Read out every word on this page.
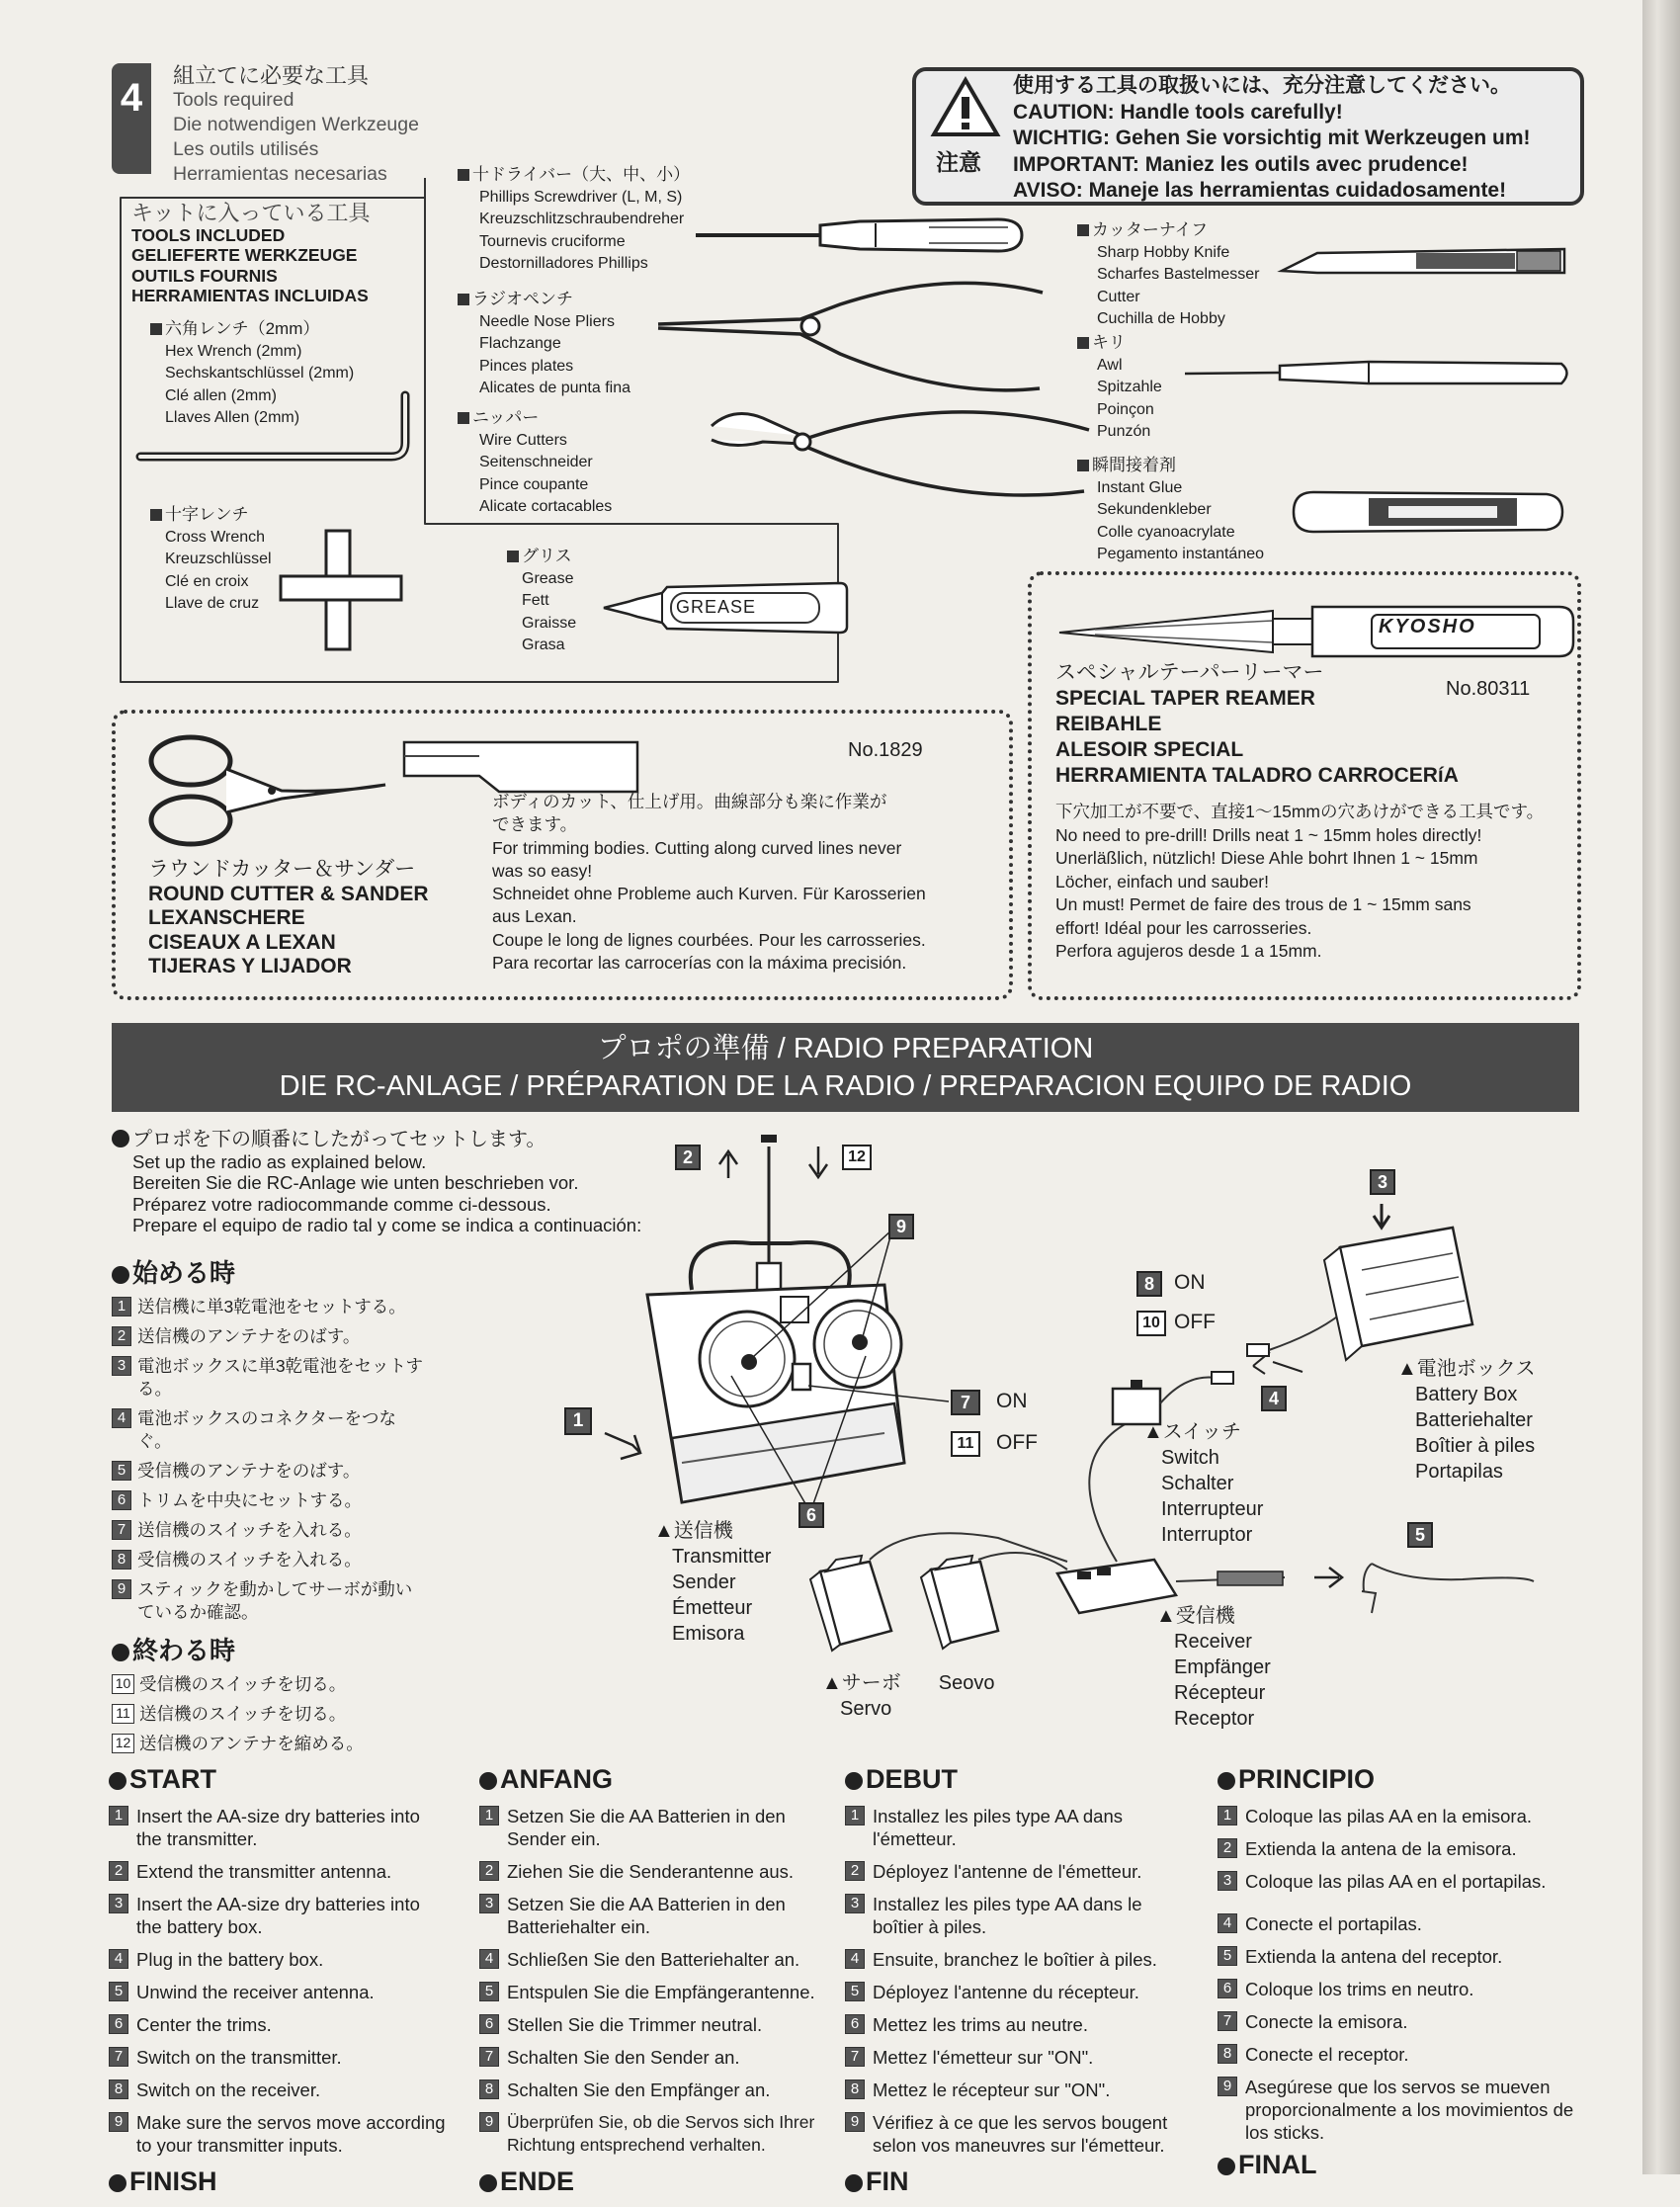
4
組立てに必要な工具
Tools required
Die notwendigen Werkzeuge
Les outils utilisés
Herramientas necesarias	注意
使用する工具の取扱いには、充分注意してください。
CAUTION: Handle tools carefully!
WICHTIG: Gehen Sie vorsichtig mit Werkzeugen um!
IMPORTANT: Maniez les outils avec prudence!
AVISO: Maneje las herramientas cuidadosamente!
キットに入っている工具
TOOLS INCLUDED
GELIEFERTE WERKZEUGE
OUTILS FOURNIS
HERRAMIENTAS INCLUIDAS
六角レンチ（2mm）
Hex Wrench (2mm)
Sechskantschlüssel (2mm)
Clé allen (2mm)
Llaves Allen (2mm)
十字レンチ
Cross Wrench
Kreuzschlüssel
Clé en croix
Llave de cruz
グリス
Grease
Fett
Graisse
Grasa
GREASE
十ドライバー（大、中、小）
Phillips Screwdriver (L, M, S)
Kreuzschlitzschraubendreher
Tournevis cruciforme
Destornilladores Phillips
ラジオペンチ
Needle Nose Pliers
Flachzange
Pinces plates
Alicates de punta fina
ニッパー
Wire Cutters
Seitenschneider
Pince coupante
Alicate cortacables
カッターナイフ
Sharp Hobby Knife
Scharfes Bastelmesser
Cutter
Cuchilla de Hobby
キリ
Awl
Spitzahle
Poinçon
Punzón
瞬間接着剤
Instant Glue
Sekundenkleber
Colle cyanoacrylate
Pegamento instantáneo
No.1829
ラウンドカッター＆サンダー
ROUND CUTTER & SANDER
LEXANSCHERE
CISEAUX A LEXAN
TIJERAS Y LIJADOR
ボディのカット、仕上げ用。曲線部分も楽に作業が
できます。
For trimming bodies. Cutting along curved lines never
was so easy!
Schneidet ohne Probleme auch Kurven. Für Karosserien
aus Lexan.
Coupe le long de lignes courbées. Pour les carrosseries.
Para recortar las carrocerías con la máxima precisión.
KYOSHO
No.80311
スペシャルテーパーリーマー
SPECIAL TAPER REAMER
REIBAHLE
ALESOIR SPECIAL
HERRAMIENTA TALADRO CARROCERíA
下穴加工が不要で、直接1～15mmの穴あけができる工具です。
No need to pre-drill! Drills neat 1 ~ 15mm holes directly!
Unerläßlich, nützlich! Diese Ahle bohrt Ihnen 1 ~ 15mm
Löcher, einfach und sauber!
Un must! Permet de faire des trous de 1 ~ 15mm sans
effort! Idéal pour les carrosseries.
Perfora agujeros desde 1 a 15mm.
プロポの準備 / RADIO PREPARATION
DIE RC-ANLAGE / PRÉPARATION DE LA RADIO / PREPARACION EQUIPO DE RADIO
プロポを下の順番にしたがってセットします。
Set up the radio as explained below.
Bereiten Sie die RC-Anlage wie unten beschrieben vor.
Préparez votre radiocommande comme ci-dessous.
Prepare el equipo de radio tal y come se indica a continuación:
始める時
1 送信機に単3乾電池をセットする。
2 送信機のアンテナをのばす。
3 電池ボックスに単3乾電池をセットする。
4 電池ボックスのコネクターをつなぐ。
5 受信機のアンテナをのばす。
6 トリムを中央にセットする。
7 送信機のスイッチを入れる。
8 受信機のスイッチを入れる。
9 スティックを動かしてサーボが動いているか確認。
終わる時
10 受信機のスイッチを切る。
11 送信機のスイッチを切る。
12 送信機のアンテナを縮める。
2	12
9
1
6
7	ON
11	OFF
8 ON
10 OFF
3
4
5
▲送信機
Transmitter
Sender
Émetteur
Emisora
▲サーボ Seovo
Servo
▲スイッチ
Switch
Schalter
Interrupteur
Interruptor
▲電池ボックス
Battery Box
Batteriehalter
Boîtier à piles
Portapilas
▲受信機
Receiver
Empfänger
Récepteur
Receptor
START
1 Insert the AA-size dry batteries into the transmitter.
2 Extend the transmitter antenna.
3 Insert the AA-size dry batteries into the battery box.
4 Plug in the battery box.
5 Unwind the receiver antenna.
6 Center the trims.
7 Switch on the transmitter.
8 Switch on the receiver.
9 Make sure the servos move according to your transmitter inputs.
FINISH
ANFANG
1 Setzen Sie die AA Batterien in den Sender ein.
2 Ziehen Sie die Senderantenne aus.
3 Setzen Sie die AA Batterien in den Batteriehalter ein.
4 Schließen Sie den Batteriehalter an.
5 Entspulen Sie die Empfängerantenne.
6 Stellen Sie die Trimmer neutral.
7 Schalten Sie den Sender an.
8 Schalten Sie den Empfänger an.
9 Überprüfen Sie, ob die Servos sich Ihrer Richtung entsprechend verhalten.
ENDE
DEBUT
1 Installez les piles type AA dans l'émetteur.
2 Déployez l'antenne de l'émetteur.
3 Installez les piles type AA dans le boîtier à piles.
4 Ensuite, branchez le boîtier à piles.
5 Déployez l'antenne du récepteur.
6 Mettez les trims au neutre.
7 Mettez l'émetteur sur "ON".
8 Mettez le récepteur sur "ON".
9 Vérifiez à ce que les servos bougent selon vos maneuvres sur l'émetteur.
FIN
PRINCIPIO
1 Coloque las pilas AA en la emisora.
2 Extienda la antena de la emisora.
3 Coloque las pilas AA en el portapilas.
4 Conecte el portapilas.
5 Extienda la antena del receptor.
6 Coloque los trims en neutro.
7 Conecte la emisora.
8 Conecte el receptor.
9 Asegúrese que los servos se mueven proporcionalmente a los movimientos de los sticks.
FINAL
